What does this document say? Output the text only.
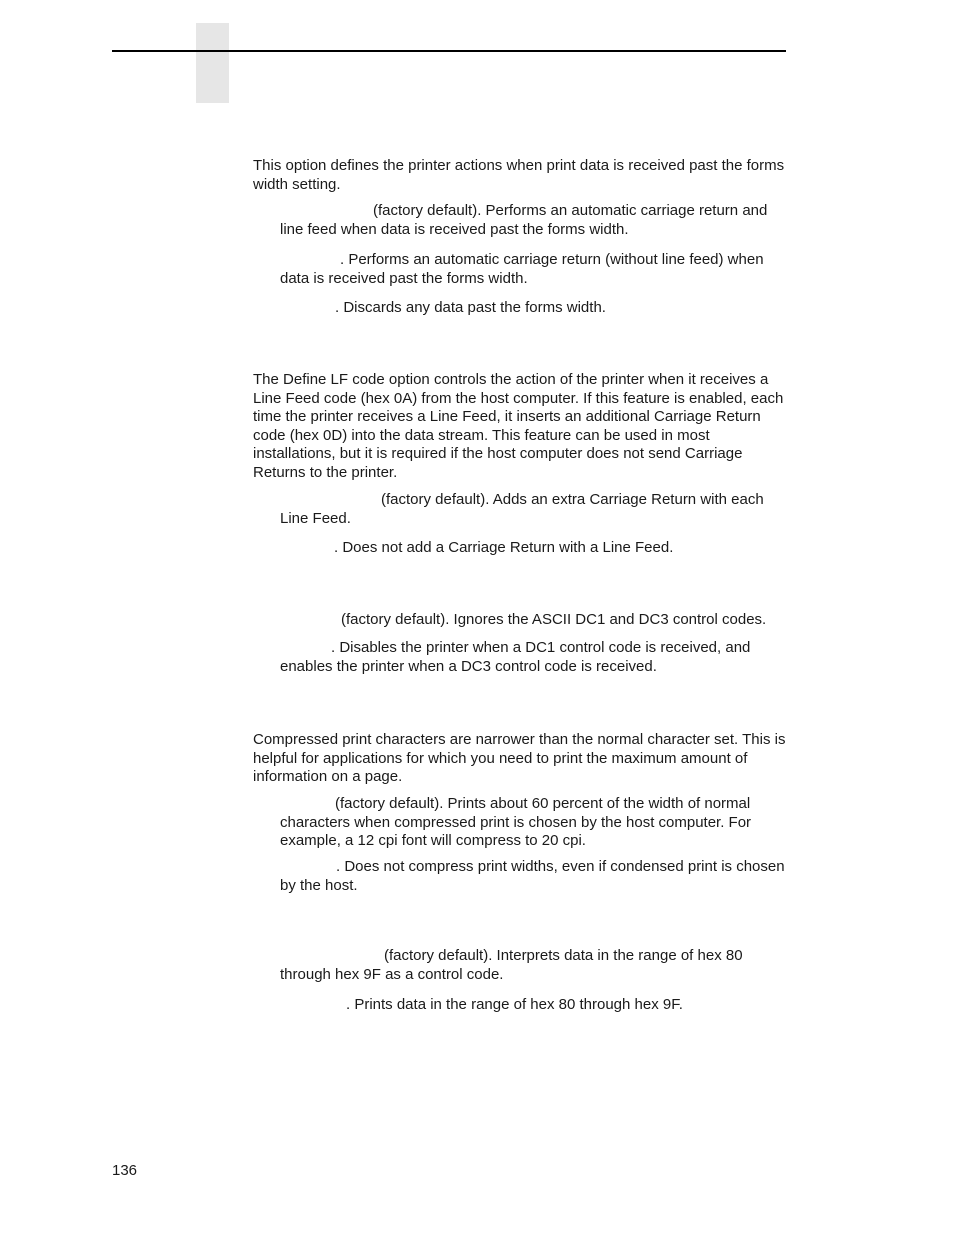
This option defines the printer actions when print data is received past the forms width setting.

(factory default). Performs an automatic carriage return and line feed when data is received past the forms width.

. Performs an automatic carriage return (without line feed) when data is received past the forms width.

. Discards any data past the forms width.

The Define LF code option controls the action of the printer when it receives a Line Feed code (hex 0A) from the host computer. If this feature is enabled, each time the printer receives a Line Feed, it inserts an additional Carriage Return code (hex 0D) into the data stream. This feature can be used in most installations, but it is required if the host computer does not send Carriage Returns to the printer.

(factory default). Adds an extra Carriage Return with each Line Feed.

. Does not add a Carriage Return with a Line Feed.

(factory default). Ignores the ASCII DC1 and DC3 control codes.

. Disables the printer when a DC1 control code is received, and enables the printer when a DC3 control code is received.

Compressed print characters are narrower than the normal character set. This is helpful for applications for which you need to print the maximum amount of information on a page.

(factory default). Prints about 60 percent of the width of normal characters when compressed print is chosen by the host computer. For example, a 12 cpi font will compress to 20 cpi.

. Does not compress print widths, even if condensed print is chosen by the host.

(factory default). Interprets data in the range of hex 80 through hex 9F as a control code.

. Prints data in the range of hex 80 through hex 9F.

136
